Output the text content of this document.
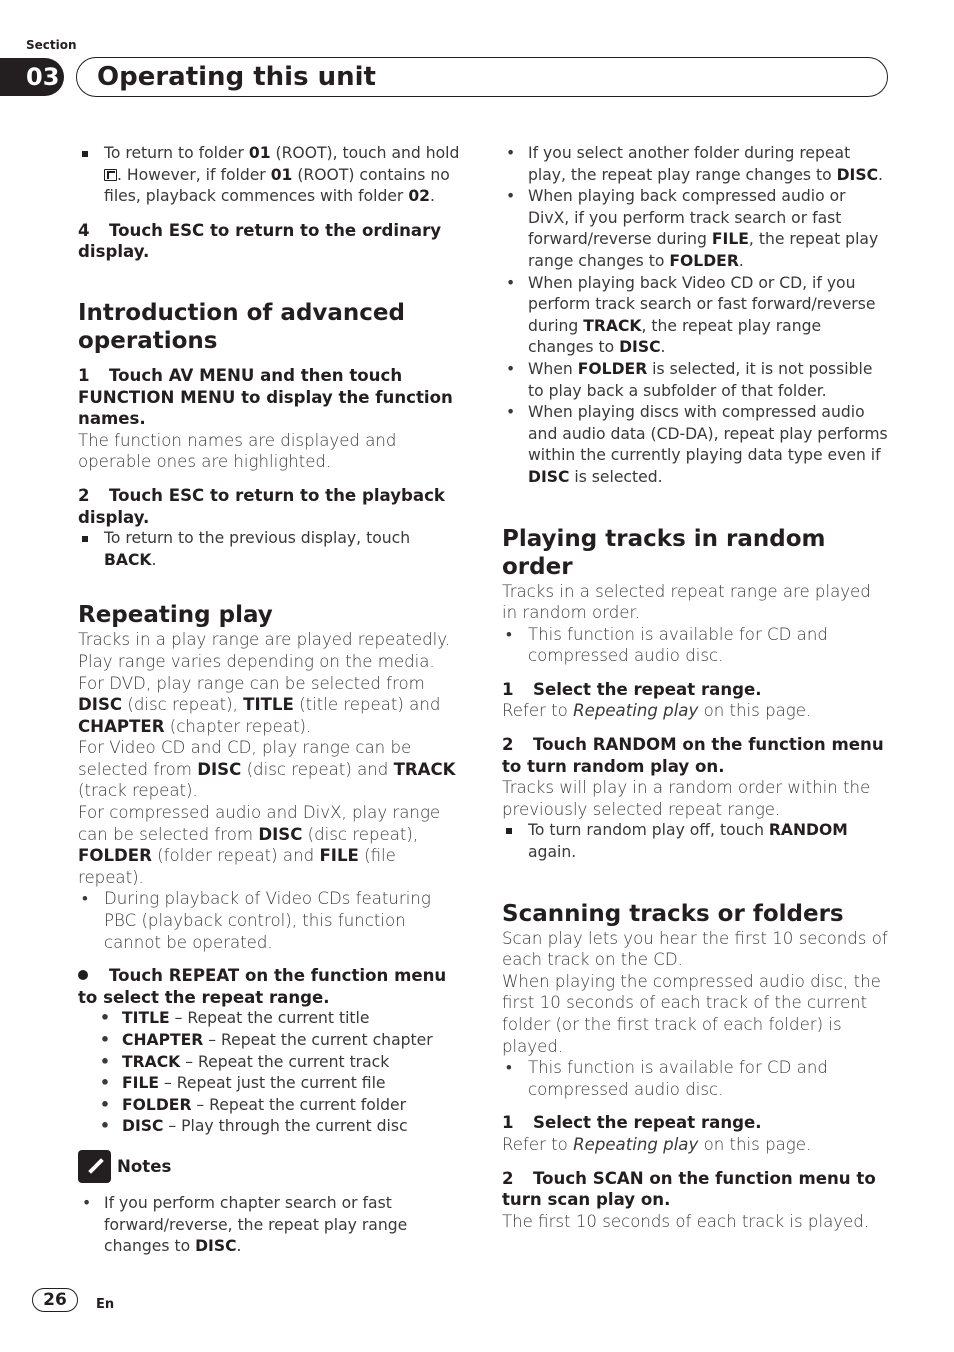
Section
03	Operating this unit
To return to folder 01 (ROOT), touch and hold . However, if folder 01 (ROOT) contains no files, playback commences with folder 02.
4 Touch ESC to return to the ordinary display.
Introduction of advanced operations
1 Touch AV MENU and then touch FUNCTION MENU to display the function names.

The function names are displayed and operable ones are highlighted.

2 Touch ESC to return to the playback display.
To return to the previous display, touch BACK.
Repeating play

Tracks in a play range are played repeatedly. Play range varies depending on the media.

For DVD, play range can be selected from DISC (disc repeat), TITLE (title repeat) and CHAPTER (chapter repeat).

For Video CD and CD, play range can be selected from DISC (disc repeat) and TRACK (track repeat).

For compressed audio and DivX, play range can be selected from DISC (disc repeat), FOLDER (folder repeat) and FILE (file repeat).

• During playback of Video CDs featuring PBC (playback control), this function cannot be operated.
Touch REPEAT on the function menu to select the repeat range.
• TITLE – Repeat the current title
• CHAPTER – Repeat the current chapter
• TRACK – Repeat the current track
• FILE – Repeat just the current file
• FOLDER – Repeat the current folder
• DISC – Play through the current disc
Notes
• If you perform chapter search or fast forward/reverse, the repeat play range changes to DISC.
• If you select another folder during repeat play, the repeat play range changes to DISC.
• When playing back compressed audio or DivX, if you perform track search or fast forward/reverse during FILE, the repeat play range changes to FOLDER.
• When playing back Video CD or CD, if you perform track search or fast forward/reverse during TRACK, the repeat play range changes to DISC.
• When FOLDER is selected, it is not possible to play back a subfolder of that folder.
• When playing discs with compressed audio and audio data (CD-DA), repeat play performs within the currently playing data type even if DISC is selected.
Playing tracks in random order

Tracks in a selected repeat range are played in random order.

• This function is available for CD and compressed audio disc.
1 Select the repeat range.

Refer to Repeating play on this page.

2 Touch RANDOM on the function menu to turn random play on.

Tracks will play in a random order within the previously selected repeat range.

To turn random play off, touch RANDOM again.
Scanning tracks or folders

Scan play lets you hear the first 10 seconds of each track on the CD.

When playing the compressed audio disc, the first 10 seconds of each track of the current folder (or the first track of each folder) is played.

• This function is available for CD and compressed audio disc.
1 Select the repeat range.

Refer to Repeating play on this page.

2 Touch SCAN on the function menu to turn scan play on.

The first 10 seconds of each track is played.

26	En
